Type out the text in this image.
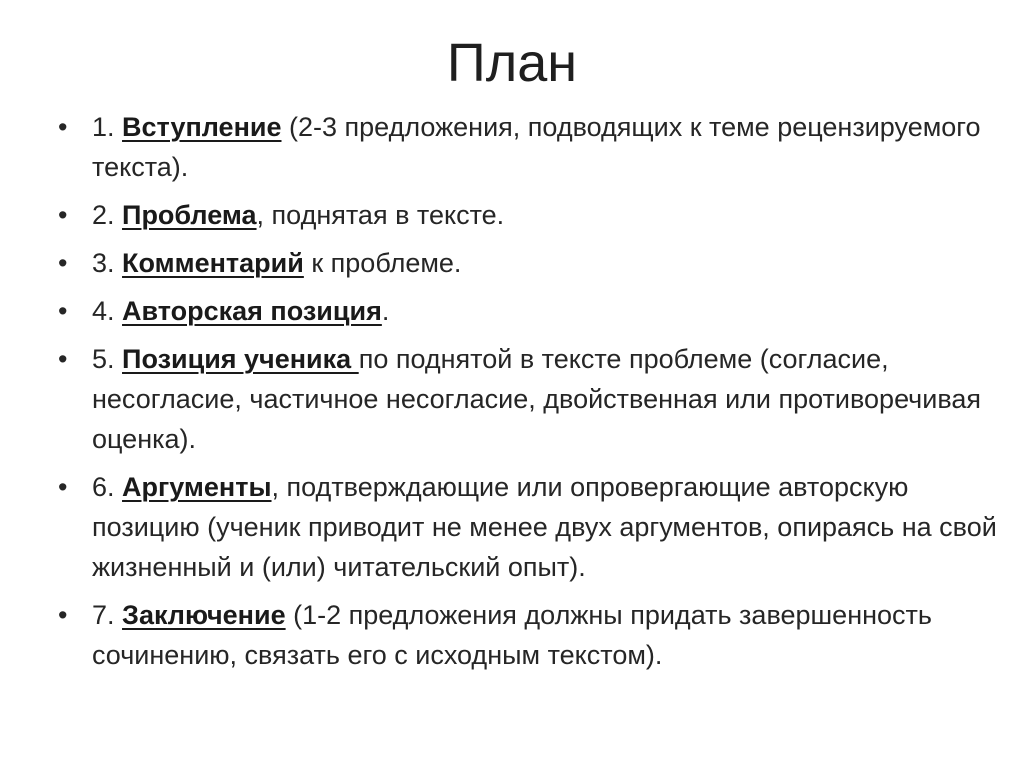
План
• 1. Вступление (2-3 предложения, подводящих к теме рецензируемого текста).
• 2. Проблема, поднятая в тексте.
• 3. Комментарий к проблеме.
• 4. Авторская позиция.
• 5. Позиция ученика по поднятой в тексте проблеме (согласие, несогласие, частичное несогласие, двойственная или противоречивая оценка).
• 6. Аргументы, подтверждающие или опровергающие авторскую позицию (ученик приводит не менее двух аргументов, опираясь на свой жизненный и (или) читательский опыт).
• 7. Заключение (1-2 предложения должны придать завершенность сочинению, связать его с исходным текстом).
